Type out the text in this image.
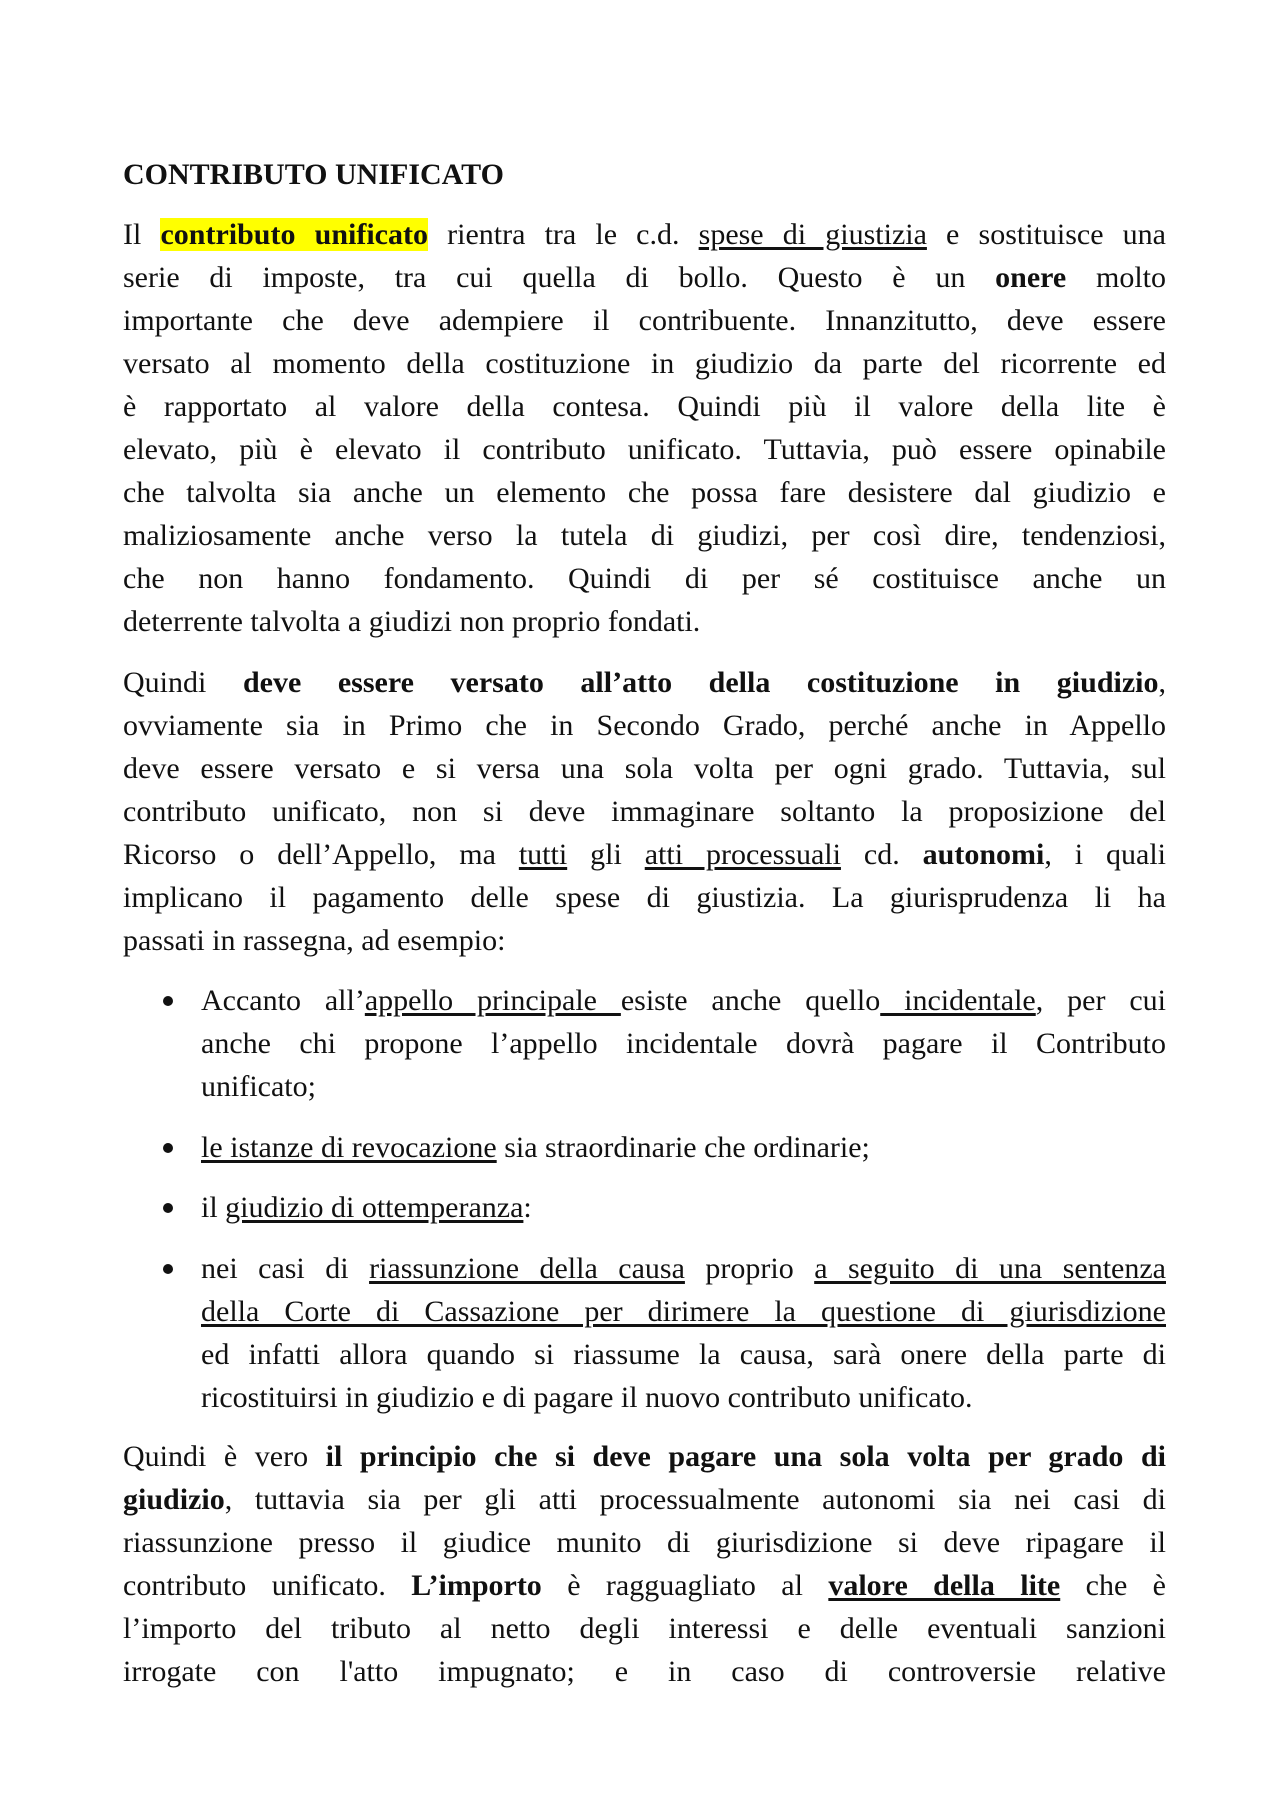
CONTRIBUTO UNIFICATO
Il contributo unificato rientra tra le c.d. spese di giustizia e sostituisce una
serie di imposte, tra cui quella di bollo. Questo è un onere molto
importante che deve adempiere il contribuente. Innanzitutto, deve essere
versato al momento della costituzione in giudizio da parte del ricorrente ed
è rapportato al valore della contesa. Quindi più il valore della lite è
elevato, più è elevato il contributo unificato. Tuttavia, può essere opinabile
che talvolta sia anche un elemento che possa fare desistere dal giudizio e
maliziosamente anche verso la tutela di giudizi, per così dire, tendenziosi,
che non hanno fondamento. Quindi di per sé costituisce anche un
deterrente talvolta a giudizi non proprio fondati.
Quindi deve essere versato all’atto della costituzione in giudizio,
ovviamente sia in Primo che in Secondo Grado, perché anche in Appello
deve essere versato e si versa una sola volta per ogni grado. Tuttavia, sul
contributo unificato, non si deve immaginare soltanto la proposizione del
Ricorso o dell’Appello, ma tutti gli atti processuali cd. autonomi, i quali
implicano il pagamento delle spese di giustizia. La giurisprudenza li ha
passati in rassegna, ad esempio:
Accanto all’appello principale esiste anche quello incidentale, per cui
anche chi propone l’appello incidentale dovrà pagare il Contributo
unificato;
le istanze di revocazione sia straordinarie che ordinarie;
il giudizio di ottemperanza:
nei casi di riassunzione della causa proprio a seguito di una sentenza
della Corte di Cassazione per dirimere la questione di giurisdizione
ed infatti allora quando si riassume la causa, sarà onere della parte di
ricostituirsi in giudizio e di pagare il nuovo contributo unificato.
Quindi è vero il principio che si deve pagare una sola volta per grado di
giudizio, tuttavia sia per gli atti processualmente autonomi sia nei casi di
riassunzione presso il giudice munito di giurisdizione si deve ripagare il
contributo unificato. L’importo è ragguagliato al valore della lite che è
l’importo del tributo al netto degli interessi e delle eventuali sanzioni
irrogate con l'atto impugnato; e in caso di controversie relative
